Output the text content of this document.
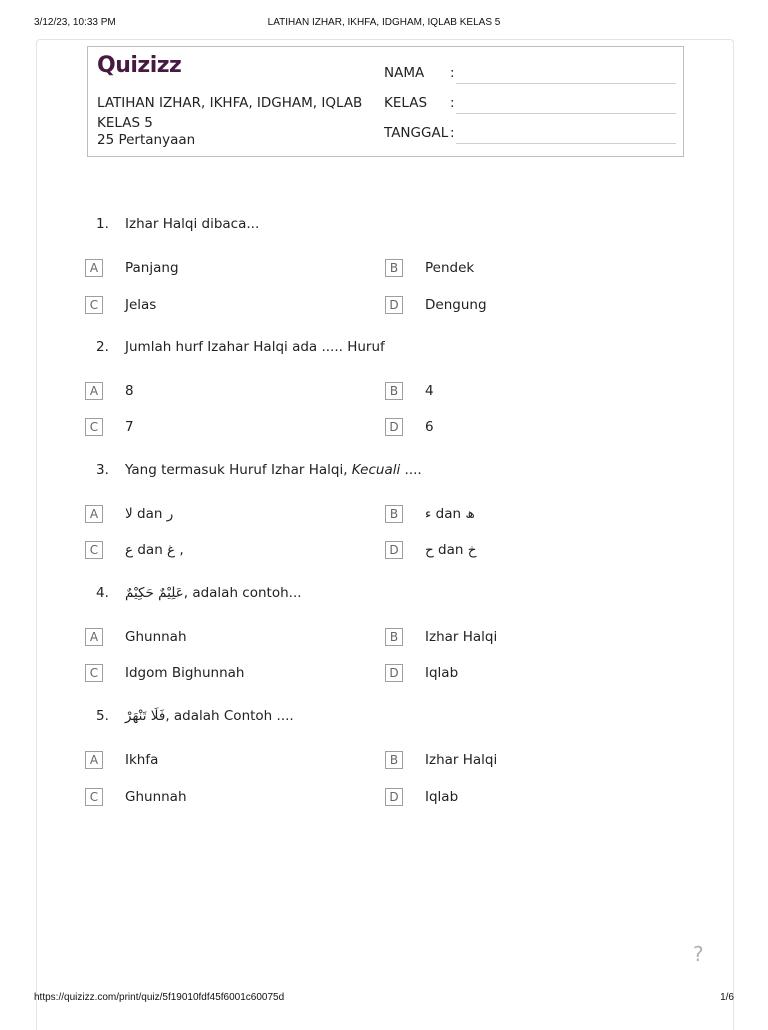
3/12/23, 10:33 PM	LATIHAN IZHAR, IKHFA, IDGHAM, IQLAB KELAS 5
Quizizz
LATIHAN IZHAR, IKHFA, IDGHAM, IQLAB KELAS 5
25 Pertanyaan
NAMA :
KELAS :
TANGGAL :
1. Izhar Halqi dibaca...
A	Panjang	B	Pendek
C	Jelas	D	Dengung
2. Jumlah hurf Izahar Halqi ada ..... Huruf
A	8	B	4
C	7	D	6
3. Yang termasuk Huruf Izhar Halqi, Kecuali ....
A	لا dan ر	B	ء dan ھ
C	ع dan غ ,	D	ح dan خ
4. عَلِيْمٌ حَكِيْمٌ, adalah contoh...
A	Ghunnah	B	Izhar Halqi
C	Idgom Bighunnah	D	Iqlab
5. فَلَا تَنْهَرْ, adalah Contoh ....
A	Ikhfa	B	Izhar Halqi
C	Ghunnah	D	Iqlab
?
https://quizizz.com/print/quiz/5f19010fdf45f6001c60075d	1/6
